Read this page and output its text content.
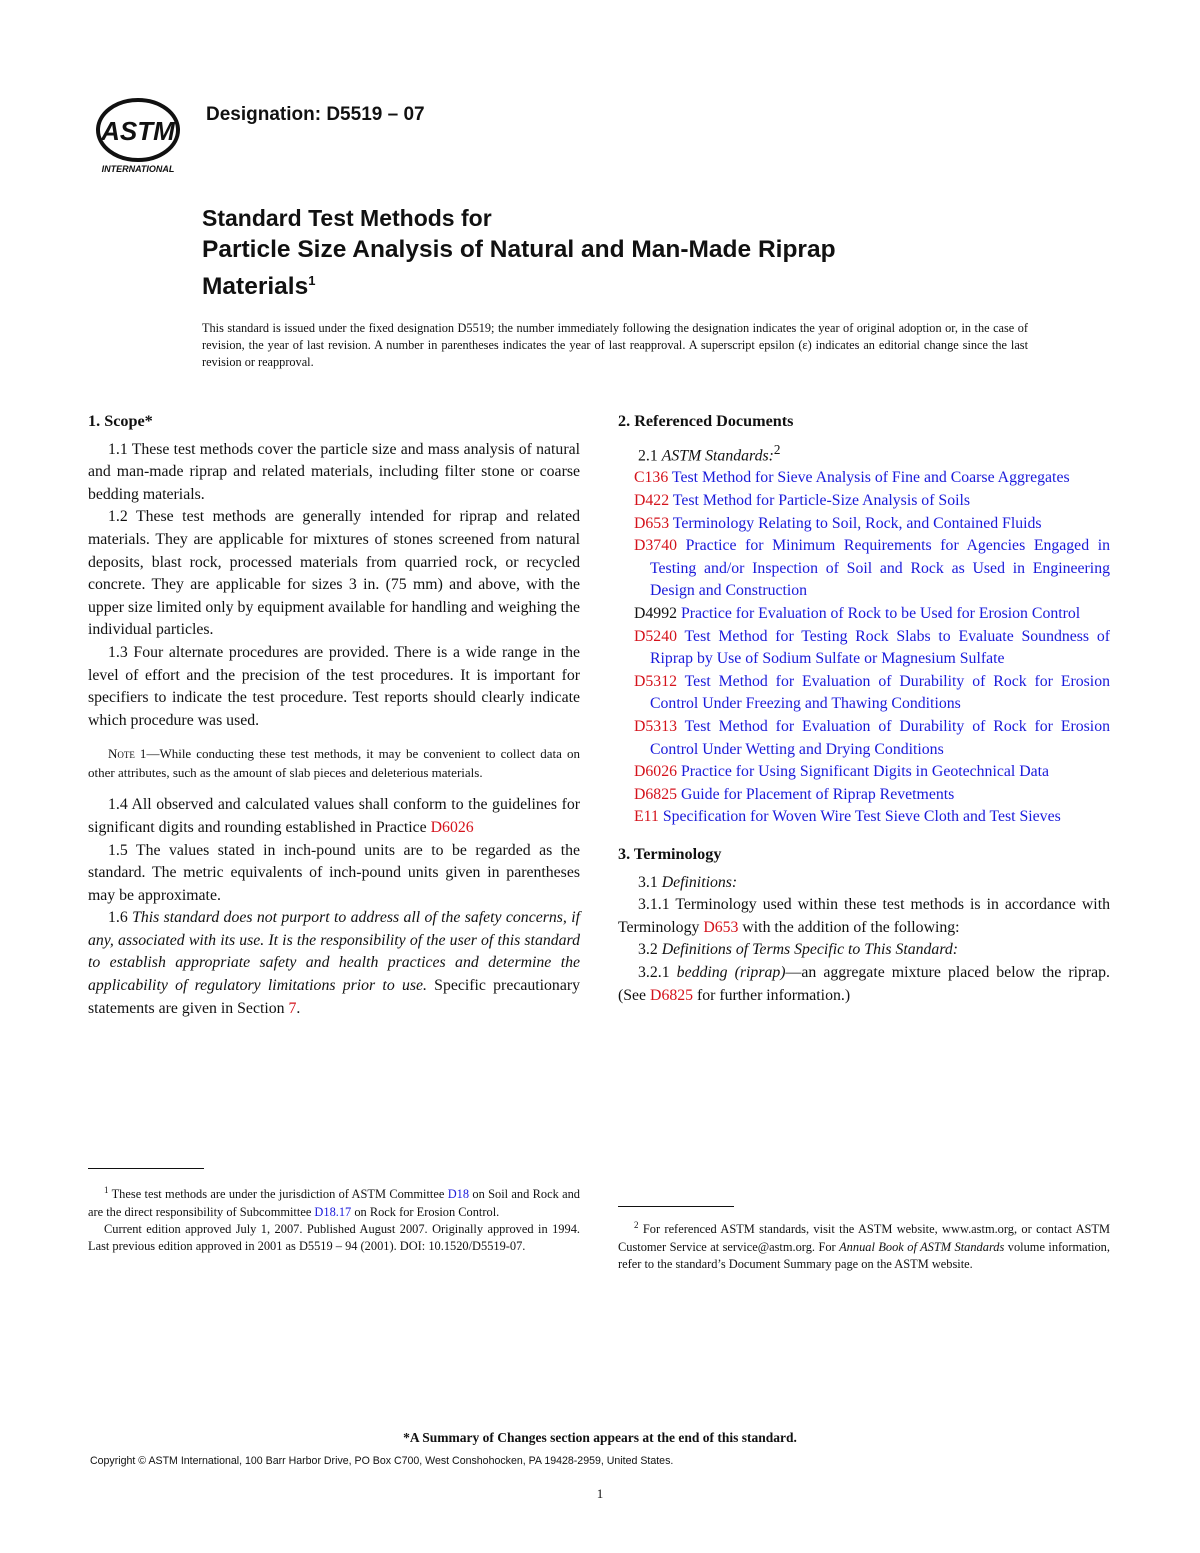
ASTM
INTERNATIONAL
Designation: D5519 – 07
Standard Test Methods for
Particle Size Analysis of Natural and Man-Made Riprap
Materials$^1$
This standard is issued under the fixed designation D5519; the number immediately following the designation indicates the year of original adoption or, in the case of revision, the year of last revision. A number in parentheses indicates the year of last reapproval. A superscript epsilon (ε) indicates an editorial change since the last revision or reapproval.
1. Scope*

1.1 These test methods cover the particle size and mass analysis of natural and man-made riprap and related materials, including filter stone or coarse bedding materials.

1.2 These test methods are generally intended for riprap and related materials. They are applicable for mixtures of stones screened from natural deposits, blast rock, processed materials from quarried rock, or recycled concrete. They are applicable for sizes 3 in. (75 mm) and above, with the upper size limited only by equipment available for handling and weighing the individual particles.

1.3 Four alternate procedures are provided. There is a wide range in the level of effort and the precision of the test procedures. It is important for specifiers to indicate the test procedure. Test reports should clearly indicate which procedure was used.

Note 1—While conducting these test methods, it may be convenient to collect data on other attributes, such as the amount of slab pieces and deleterious materials.

1.4 All observed and calculated values shall conform to the guidelines for significant digits and rounding established in Practice D6026

1.5 The values stated in inch-pound units are to be regarded as the standard. The metric equivalents of inch-pound units given in parentheses may be approximate.

1.6 This standard does not purport to address all of the safety concerns, if any, associated with its use. It is the responsibility of the user of this standard to establish appropriate safety and health practices and determine the applicability of regulatory limitations prior to use. Specific precautionary statements are given in Section 7.

2. Referenced Documents

2.1 ASTM Standards:$^2$

C136 Test Method for Sieve Analysis of Fine and Coarse Aggregates

D422 Test Method for Particle-Size Analysis of Soils

D653 Terminology Relating to Soil, Rock, and Contained Fluids

D3740 Practice for Minimum Requirements for Agencies Engaged in Testing and/or Inspection of Soil and Rock as Used in Engineering Design and Construction

D4992 Practice for Evaluation of Rock to be Used for Erosion Control

D5240 Test Method for Testing Rock Slabs to Evaluate Soundness of Riprap by Use of Sodium Sulfate or Magnesium Sulfate

D5312 Test Method for Evaluation of Durability of Rock for Erosion Control Under Freezing and Thawing Conditions

D5313 Test Method for Evaluation of Durability of Rock for Erosion Control Under Wetting and Drying Conditions

D6026 Practice for Using Significant Digits in Geotechnical Data

D6825 Guide for Placement of Riprap Revetments

E11 Specification for Woven Wire Test Sieve Cloth and Test Sieves

3. Terminology

3.1 Definitions:

3.1.1 Terminology used within these test methods is in accordance with Terminology D653 with the addition of the following:

3.2 Definitions of Terms Specific to This Standard:

3.2.1 bedding (riprap)—an aggregate mixture placed below the riprap. (See D6825 for further information.)

$^1$ These test methods are under the jurisdiction of ASTM Committee D18 on Soil and Rock and are the direct responsibility of Subcommittee D18.17 on Rock for Erosion Control.

Current edition approved July 1, 2007. Published August 2007. Originally approved in 1994. Last previous edition approved in 2001 as D5519 – 94 (2001). DOI: 10.1520/D5519-07.

$^2$ For referenced ASTM standards, visit the ASTM website, www.astm.org, or contact ASTM Customer Service at service@astm.org. For Annual Book of ASTM Standards volume information, refer to the standard’s Document Summary page on the ASTM website.

*A Summary of Changes section appears at the end of this standard.
Copyright © ASTM International, 100 Barr Harbor Drive, PO Box C700, West Conshohocken, PA 19428-2959, United States.
1
